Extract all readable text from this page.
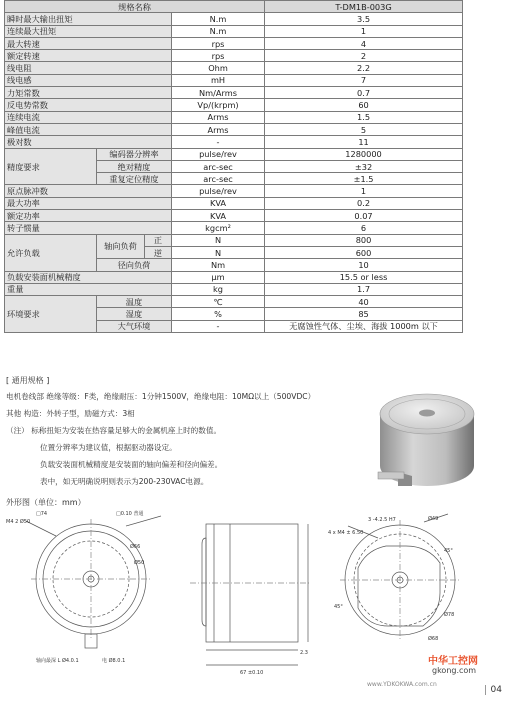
规格名称				T-DM1B-003G
瞬时最大输出扭矩			N.m	3.5
连续最大扭矩			N.m	1
最大转速			rps	4
额定转速			rps	2
线电阻			Ohm	2.2
线电感			mH	7
力矩常数			Nm/Arms	0.7
反电势常数			Vp/(krpm)	60
连续电流			Arms	1.5
峰值电流			Arms	5
极对数			-	11
精度要求	编码器分辨率		pulse/rev	1280000
	绝对精度		arc-sec	±32
	重复定位精度		arc-sec	±1.5
原点脉冲数			pulse/rev	1
最大功率			KVA	0.2
额定功率			KVA	0.07
转子惯量			kgcm²	6
允许负载	轴向负荷	正	N	800
		逆	N	600
	径向负荷		Nm	10
负载安装面机械精度			µm	15.5 or less
重量			kg	1.7
环境要求	温度		℃	40
	湿度		%	85
	大气环境		-	无腐蚀性气体、尘埃、海拔 1000m 以下
[ 通用规格 ]
电机卷线部 绝缘等级：F类，绝缘耐压：1分钟1500V，绝缘电阻：10MΩ以上（500VDC）
其他 构造：外转子型，励磁方式：3相
（注） 标称扭矩为安装在热容量足够大的金属机座上时的数值。
位置分辨率为建议值，根据驱动器设定。
负载安装面机械精度是安装面的轴向偏差和径向偏差。
表中，如无明确说明则表示为200-230VAC电源。
外形图（单位：mm）
□74	□0.10 普通
M4 2 Ø50
Ø66
Ø50
轴向最深 L Ø4.0.1	电 Ø8.0.1
67 ±0.10
2.3
3 -4.2.5 H7	Ø49
4 x M4 ± 6.50
45°
Ø78
Ø68
45°
中华工控网
gkong.com
www.YDKOKWA.com.cn
04
